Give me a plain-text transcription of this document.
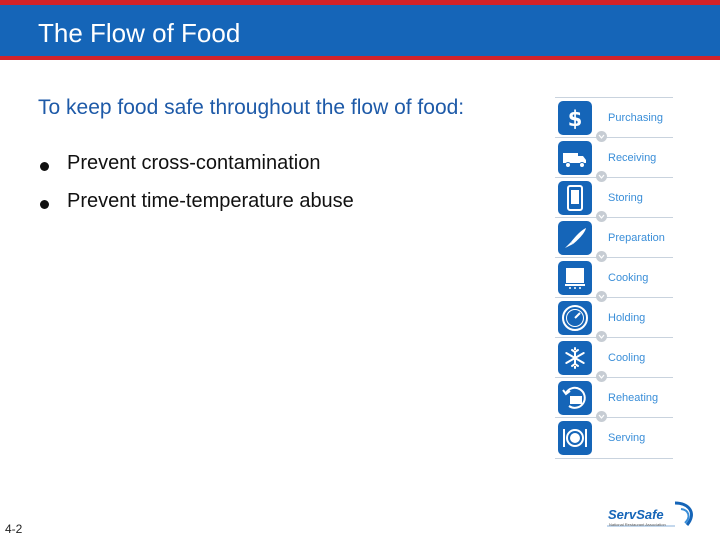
The Flow of Food
To keep food safe throughout the flow of food:
Prevent cross-contamination
Prevent time-temperature abuse
$ Purchasing
Receiving
Storing
Preparation
Cooking
Holding
Cooling
Reheating
Serving
ServSafe
National Restaurant Association
4-2
